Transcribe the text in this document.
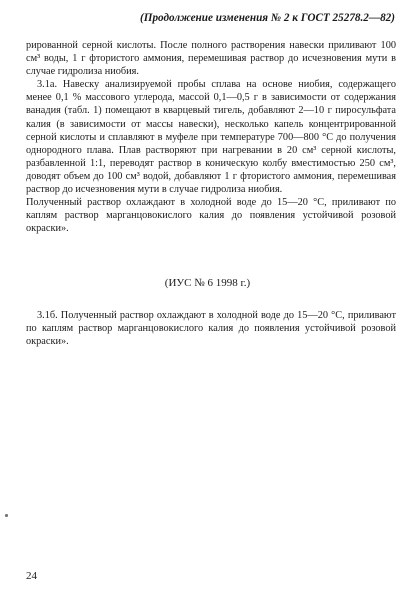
(Продолжение изменения № 2 к ГОСТ 25278.2—82)

рированной серной кислоты. После полного растворения навески приливают 100 см³ воды, 1 г фтористого аммония, перемешивая раствор до исчезновения мути в случае гидролиза ниобия.

3.1а. Навеску анализируемой пробы сплава на основе ниобия, содержащего менее 0,1 % массового углерода, массой 0,1—0,5 г в зависимости от содержания ванадия (табл. 1) помещают в кварцевый тигель, добавляют 2—10 г пиросульфата калия (в зависимости от массы навески), несколько капель концентрированной серной кислоты и сплавляют в муфеле при температуре 700—800 °С до получения однородного плава. Плав растворяют при нагревании в 20 см³ серной кислоты, разбавленной 1:1, переводят раствор в коническую колбу вместимостью 250 см³, доводят объем до 100 см³ водой, добавляют 1 г фтористого аммония, перемешивая раствор до исчезновения мути в случае гидролиза ниобия.

Полученный раствор охлаждают в холодной воде до 15—20 °С, приливают по каплям раствор марганцовокислого калия до появления устойчивой розовой окраски».

(ИУС № 6 1998 г.)

3.1б. Полученный раствор охлаждают в холодной воде до 15—20 °С, приливают по каплям раствор марганцовокислого калия до появления устойчивой розовой окраски».

24
